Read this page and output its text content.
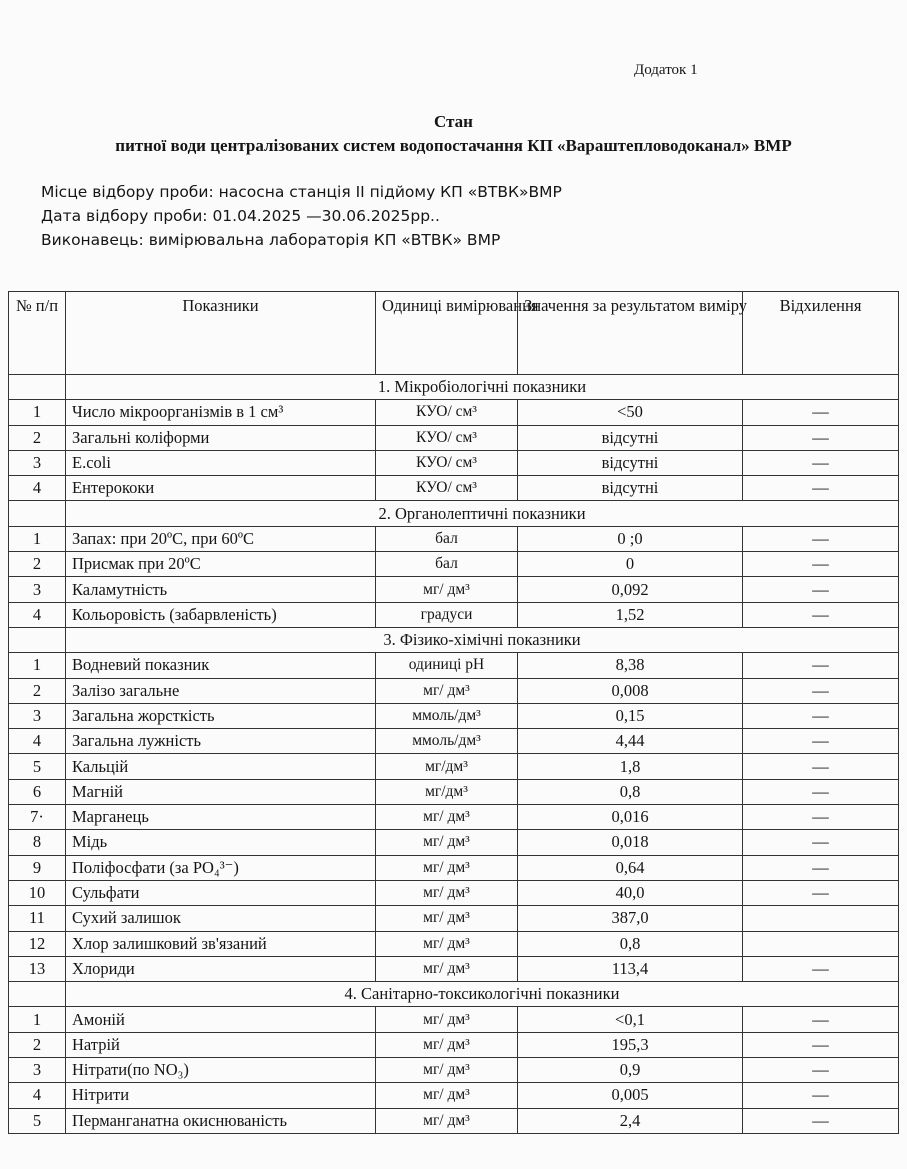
Додаток 1
Стан
питної води централізованих систем водопостачання КП «Вараштепловодоканал» ВМР
Місце відбору проби: насосна станція ІІ підйому КП «ВТВК»ВМР
Дата відбору проби: 01.04.2025 —30.06.2025рр..
Виконавець: вимірювальна лабораторія КП «ВТВК» ВМР
№ п/п	Показники	Одиниці вимірювання	Значення за результатом виміру	Відхилення
	1. Мікробіологічні показники			
1	Число мікроорганізмів в 1 см³	КУО/ см³	<50	—
2	Загальні коліформи	КУО/ см³	відсутні	—
3	E.coli	КУО/ см³	відсутні	—
4	Ентерококи	КУО/ см³	відсутні	—
	2. Органолептичні показники			
1	Запах: при 20ºС, при 60ºС	бал	0 ;0	—
2	Присмак при 20ºС	бал	0	—
3	Каламутність	мг/ дм³	0,092	—
4	Кольоровість (забарвленість)	градуси	1,52	—
	3. Фізико-хімічні показники			
1	Водневий показник	одиниці рН	8,38	—
2	Залізо загальне	мг/ дм³	0,008	—
3	Загальна жорсткість	ммоль/дм³	0,15	—
4	Загальна лужність	ммоль/дм³	4,44	—
5	Кальцій	мг/дм³	1,8	—
6	Магній	мг/дм³	0,8	—
7·	Марганець	мг/ дм³	0,016	—
8	Мідь	мг/ дм³	0,018	—
9	Поліфосфати (за PO₄³⁻)	мг/ дм³	0,64	—
10	Сульфати	мг/ дм³	40,0	—
11	Сухий залишок	мг/ дм³	387,0	
12	Хлор залишковий зв'язаний	мг/ дм³	0,8	
13	Хлориди	мг/ дм³	113,4	—
	4. Санітарно-токсикологічні показники			
1	Амоній	мг/ дм³	<0,1	—
2	Натрій	мг/ дм³	195,3	—
3	Нітрати(по NO₃)	мг/ дм³	0,9	—
4	Нітрити	мг/ дм³	0,005	—
5	Перманганатна окиснюваність	мг/ дм³	2,4	—
